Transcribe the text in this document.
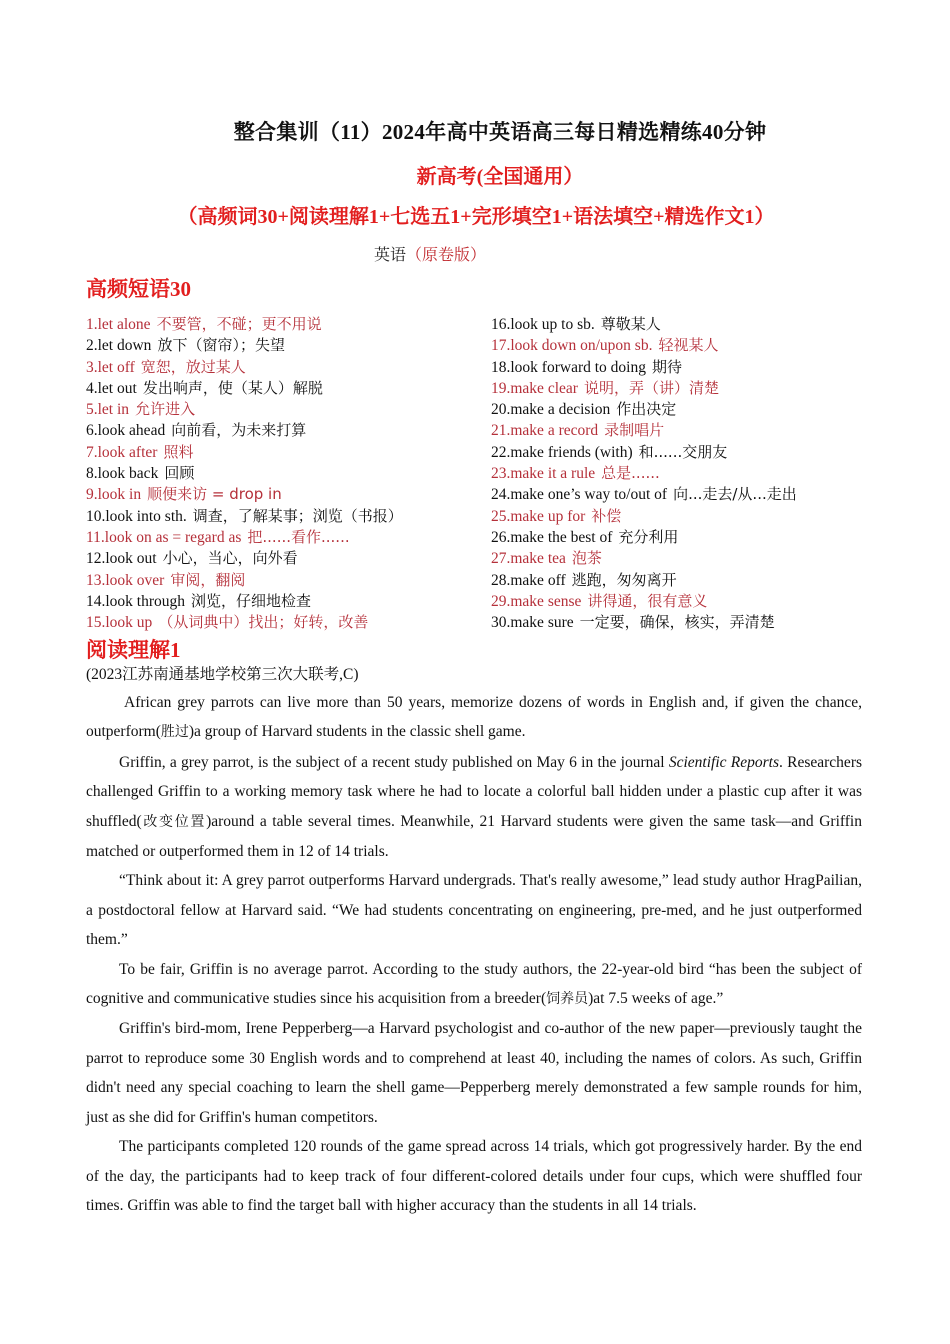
整合集训（11）2024年高中英语高三每日精选精练40分钟
新高考(全国通用）
（高频词30+阅读理解1+七选五1+完形填空1+语法填空+精选作文1）
英语（原卷版）
高频短语30
1.let alone 不要管，不碰；更不用说
2.let down 放下（窗帘）；失望
3.let off 宽恕，放过某人
4.let out 发出响声，使（某人）解脱
5.let in 允许进入
6.look ahead 向前看，为未来打算
7.look after 照料
8.look back 回顾
9.look in 顺便来访 = drop in
10.look into sth. 调查，了解某事；浏览（书报）
11.look on as = regard as 把......看作......
12.look out 小心，当心，向外看
13.look over 审阅，翻阅
14.look through 浏览，仔细地检查
15.look up （从词典中）找出；好转，改善
16.look up to sb. 尊敬某人
17.look down on/upon sb. 轻视某人
18.look forward to doing 期待
19.make clear 说明，弄（讲）清楚
20.make a decision 作出决定
21.make a record 录制唱片
22.make friends (with) 和......交朋友
23.make it a rule 总是......
24.make one’s way to/out of 向...走去/从...走出
25.make up for 补偿
26.make the best of 充分利用
27.make tea 泡茶
28.make off 逃跑，匆匆离开
29.make sense 讲得通，很有意义
30.make sure 一定要，确保，核实，弄清楚
阅读理解1
(2023江苏南通基地学校第三次大联考,C)

African grey parrots can live more than 50 years, memorize dozens of words in English and, if given the chance, outperform(胜过)a group of Harvard students in the classic shell game.

Griffin, a grey parrot, is the subject of a recent study published on May 6 in the journal Scientific Reports. Researchers challenged Griffin to a working memory task where he had to locate a colorful ball hidden under a plastic cup after it was shuffled(改变位置)around a table several times. Meanwhile, 21 Harvard students were given the same task—and Griffin matched or outperformed them in 12 of 14 trials.

“Think about it: A grey parrot outperforms Harvard undergrads. That's really awesome,” lead study author HragPailian, a postdoctoral fellow at Harvard said. “We had students concentrating on engineering, pre-med, and he just outperformed them.”

To be fair, Griffin is no average parrot. According to the study authors, the 22-year-old bird “has been the subject of cognitive and communicative studies since his acquisition from a breeder(饲养员)at 7.5 weeks of age.”

Griffin's bird-mom, Irene Pepperberg—a Harvard psychologist and co-author of the new paper—previously taught the parrot to reproduce some 30 English words and to comprehend at least 40, including the names of colors. As such, Griffin didn't need any special coaching to learn the shell game—Pepperberg merely demonstrated a few sample rounds for him, just as she did for Griffin's human competitors.

The participants completed 120 rounds of the game spread across 14 trials, which got progressively harder. By the end of the day, the participants had to keep track of four different-colored details under four cups, which were shuffled four times. Griffin was able to find the target ball with higher accuracy than the students in all 14 trials.
